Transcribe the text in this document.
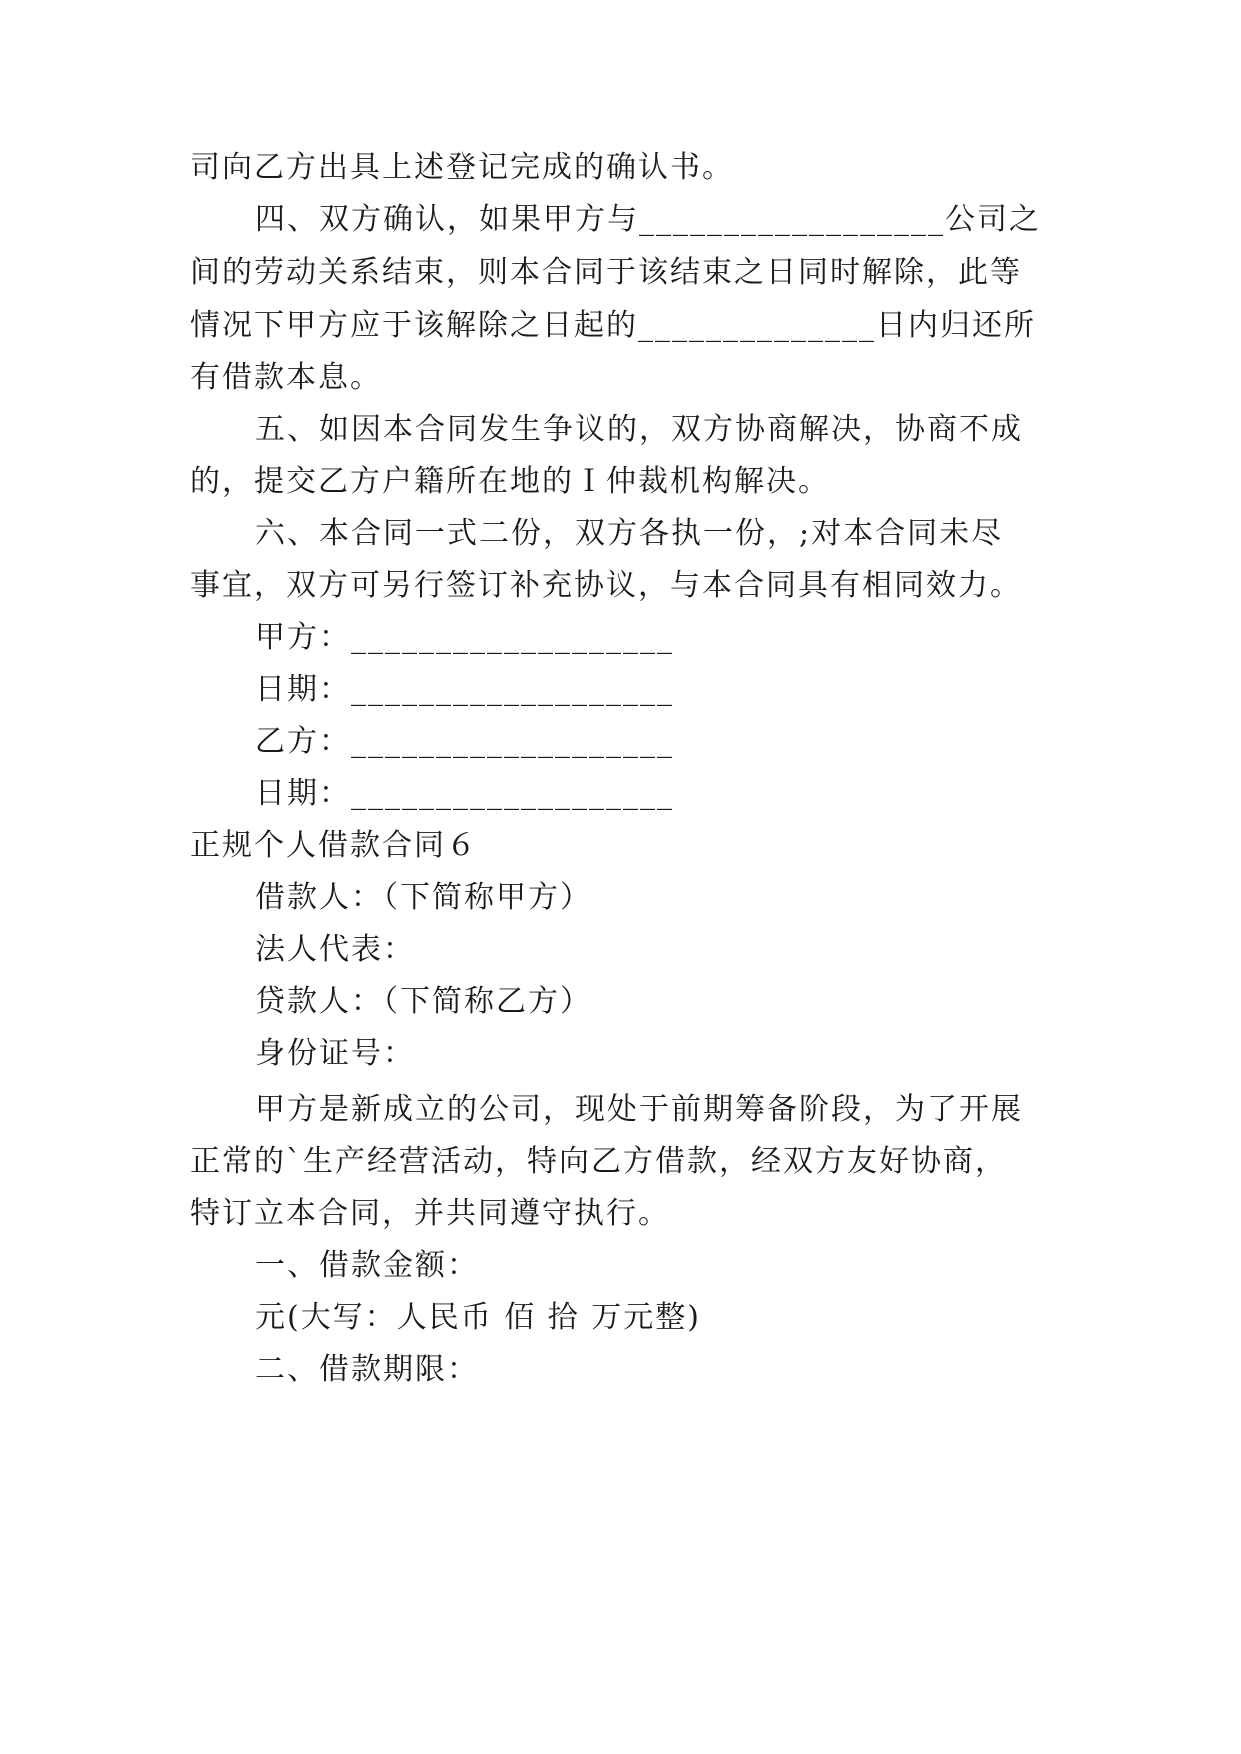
司向乙方出具上述登记完成的确认书。
四、双方确认，如果甲方与__________________公司之
间的劳动关系结束，则本合同于该结束之日同时解除，此等
情况下甲方应于该解除之日起的______________日内归还所
有借款本息。
五、如因本合同发生争议的，双方协商解决，协商不成
的，提交乙方户籍所在地的Ｉ仲裁机构解决。
六、本合同一式二份，双方各执一份，;对本合同未尽
事宜，双方可另行签订补充协议，与本合同具有相同效力。
甲方：___________________
日期：___________________
乙方：___________________
日期：___________________
正规个人借款合同６
借款人：（下简称甲方）
法人代表：
贷款人：（下简称乙方）
身份证号：
甲方是新成立的公司，现处于前期筹备阶段，为了开展
正常的`生产经营活动，特向乙方借款，经双方友好协商，
特订立本合同，并共同遵守执行。
一、借款金额：
元(大写：人民币 佰 拾 万元整)
二、借款期限：
